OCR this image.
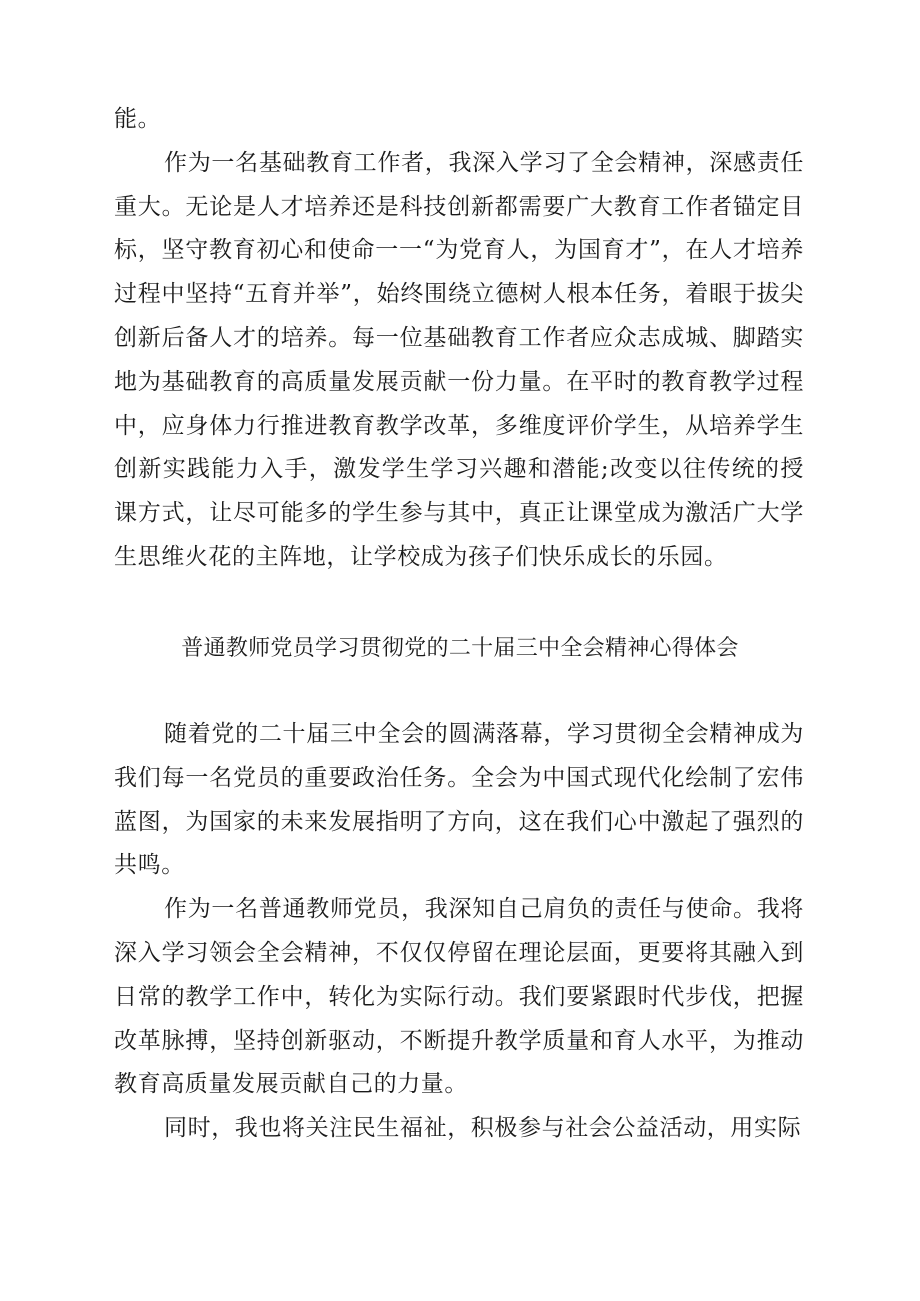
能。

作为一名基础教育工作者，我深入学习了全会精神，深感责任重大。无论是人才培养还是科技创新都需要广大教育工作者锚定目标，坚守教育初心和使命一一“为党育人，为国育才”，在人才培养过程中坚持“五育并举”，始终围绕立德树人根本任务，着眼于拔尖创新后备人才的培养。每一位基础教育工作者应众志成城、脚踏实地为基础教育的高质量发展贡献一份力量。在平时的教育教学过程中，应身体力行推进教育教学改革，多维度评价学生，从培养学生创新实践能力入手，激发学生学习兴趣和潜能;改变以往传统的授课方式，让尽可能多的学生参与其中，真正让课堂成为激活广大学生思维火花的主阵地，让学校成为孩子们快乐成长的乐园。

普通教师党员学习贯彻党的二十届三中全会精神心得体会

随着党的二十届三中全会的圆满落幕，学习贯彻全会精神成为我们每一名党员的重要政治任务。全会为中国式现代化绘制了宏伟蓝图，为国家的未来发展指明了方向，这在我们心中激起了强烈的共鸣。

作为一名普通教师党员，我深知自己肩负的责任与使命。我将深入学习领会全会精神，不仅仅停留在理论层面，更要将其融入到日常的教学工作中，转化为实际行动。我们要紧跟时代步伐，把握改革脉搏，坚持创新驱动，不断提升教学质量和育人水平，为推动教育高质量发展贡献自己的力量。

同时，我也将关注民生福祉，积极参与社会公益活动，用实际
